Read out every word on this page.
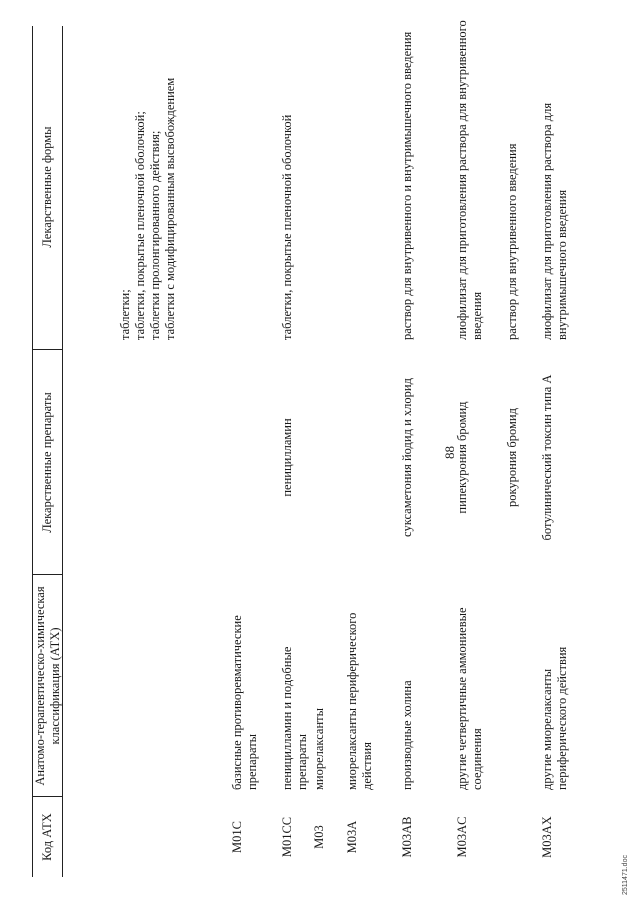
88
Код АТХ
Анатомо-терапевтическо-химическая классификация (АТХ)
Лекарственные препараты
Лекарственные формы
таблетки;
таблетки, покрытые пленочной оболочкой;
таблетки пролонгированного действия;
таблетки с модифицированным высвобождением
M01C
базисные противоревматические препараты
M01CC
пеницилламин и подобные препараты
пеницилламин
таблетки, покрытые пленочной оболочкой
M03
миорелаксанты
M03A
миорелаксанты периферического действия
M03AB
производные холина
суксаметония йодид и хлорид
раствор для внутривенного и внутримышечного введения
M03AC
другие четвертичные аммониевые соединения
пипекурония бромид
лиофилизат для приготовления раствора для внутривенного введения
рокурония бромид
раствор для внутривенного введения
M03AX
другие миорелаксанты периферического действия
ботулинический токсин типа A
лиофилизат для приготовления раствора для внутримышечного введения
2511471.doc
